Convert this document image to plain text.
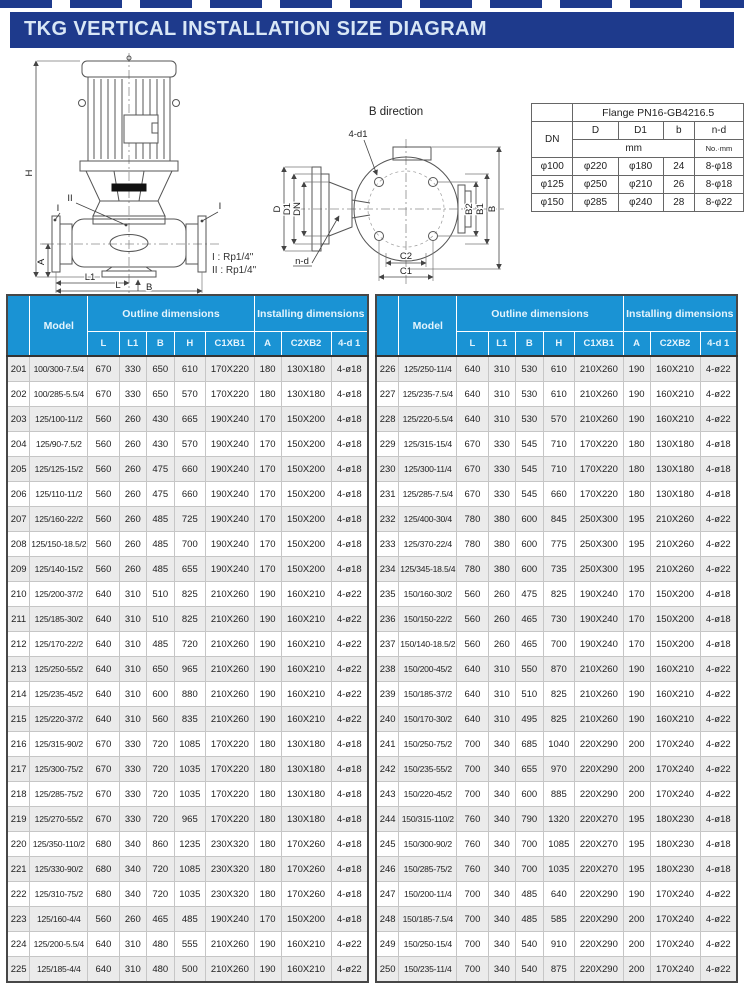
TKG VERTICAL INSTALLATION SIZE DIAGRAM
H
A
L1
L	B
II
I	I
B direction
D D1 DN
4-d1
n-d	C2
C1
B2 B1 B
I : Rp1/4"
II : Rp1/4"
	Flange PN16-GB4216.5			
DN	D	D1	b	n-d
	mm			No.·mm
φ100	φ220	φ180	24	8-φ18
φ125	φ250	φ210	26	8-φ18
φ150	φ285	φ240	28	8-φ22
	Model	Outline dimensions					Installing dimensions		
		L	L1	B	H	C1XB1	A	C2XB2	4-d 1
201	100/300-7.5/4	670	330	650	610	170X220	180	130X180	4-ø18
202	100/285-5.5/4	670	330	650	570	170X220	180	130X180	4-ø18
203	125/100-11/2	560	260	430	665	190X240	170	150X200	4-ø18
204	125/90-7.5/2	560	260	430	570	190X240	170	150X200	4-ø18
205	125/125-15/2	560	260	475	660	190X240	170	150X200	4-ø18
206	125/110-11/2	560	260	475	660	190X240	170	150X200	4-ø18
207	125/160-22/2	560	260	485	725	190X240	170	150X200	4-ø18
208	125/150-18.5/2	560	260	485	700	190X240	170	150X200	4-ø18
209	125/140-15/2	560	260	485	655	190X240	170	150X200	4-ø18
210	125/200-37/2	640	310	510	825	210X260	190	160X210	4-ø22
211	125/185-30/2	640	310	510	825	210X260	190	160X210	4-ø22
212	125/170-22/2	640	310	485	720	210X260	190	160X210	4-ø22
213	125/250-55/2	640	310	650	965	210X260	190	160X210	4-ø22
214	125/235-45/2	640	310	600	880	210X260	190	160X210	4-ø22
215	125/220-37/2	640	310	560	835	210X260	190	160X210	4-ø22
216	125/315-90/2	670	330	720	1085	170X220	180	130X180	4-ø18
217	125/300-75/2	670	330	720	1035	170X220	180	130X180	4-ø18
218	125/285-75/2	670	330	720	1035	170X220	180	130X180	4-ø18
219	125/270-55/2	670	330	720	965	170X220	180	130X180	4-ø18
220	125/350-110/2	680	340	860	1235	230X320	180	170X260	4-ø18
221	125/330-90/2	680	340	720	1085	230X320	180	170X260	4-ø18
222	125/310-75/2	680	340	720	1035	230X320	180	170X260	4-ø18
223	125/160-4/4	560	260	465	485	190X240	170	150X200	4-ø18
224	125/200-5.5/4	640	310	480	555	210X260	190	160X210	4-ø22
225	125/185-4/4	640	310	480	500	210X260	190	160X210	4-ø22
	Model	Outline dimensions					Installing dimensions		
		L	L1	B	H	C1XB1	A	C2XB2	4-d 1
226	125/250-11/4	640	310	530	610	210X260	190	160X210	4-ø22
227	125/235-7.5/4	640	310	530	610	210X260	190	160X210	4-ø22
228	125/220-5.5/4	640	310	530	570	210X260	190	160X210	4-ø22
229	125/315-15/4	670	330	545	710	170X220	180	130X180	4-ø18
230	125/300-11/4	670	330	545	710	170X220	180	130X180	4-ø18
231	125/285-7.5/4	670	330	545	660	170X220	180	130X180	4-ø18
232	125/400-30/4	780	380	600	845	250X300	195	210X260	4-ø22
233	125/370-22/4	780	380	600	775	250X300	195	210X260	4-ø22
234	125/345-18.5/4	780	380	600	735	250X300	195	210X260	4-ø22
235	150/160-30/2	560	260	475	825	190X240	170	150X200	4-ø18
236	150/150-22/2	560	260	465	730	190X240	170	150X200	4-ø18
237	150/140-18.5/2	560	260	465	700	190X240	170	150X200	4-ø18
238	150/200-45/2	640	310	550	870	210X260	190	160X210	4-ø22
239	150/185-37/2	640	310	510	825	210X260	190	160X210	4-ø22
240	150/170-30/2	640	310	495	825	210X260	190	160X210	4-ø22
241	150/250-75/2	700	340	685	1040	220X290	200	170X240	4-ø22
242	150/235-55/2	700	340	655	970	220X290	200	170X240	4-ø22
243	150/220-45/2	700	340	600	885	220X290	200	170X240	4-ø22
244	150/315-110/2	760	340	790	1320	220X270	195	180X230	4-ø18
245	150/300-90/2	760	340	700	1085	220X270	195	180X230	4-ø18
246	150/285-75/2	760	340	700	1035	220X270	195	180X230	4-ø18
247	150/200-11/4	700	340	485	640	220X290	190	170X240	4-ø22
248	150/185-7.5/4	700	340	485	585	220X290	200	170X240	4-ø22
249	150/250-15/4	700	340	540	910	220X290	200	170X240	4-ø22
250	150/235-11/4	700	340	540	875	220X290	200	170X240	4-ø22
